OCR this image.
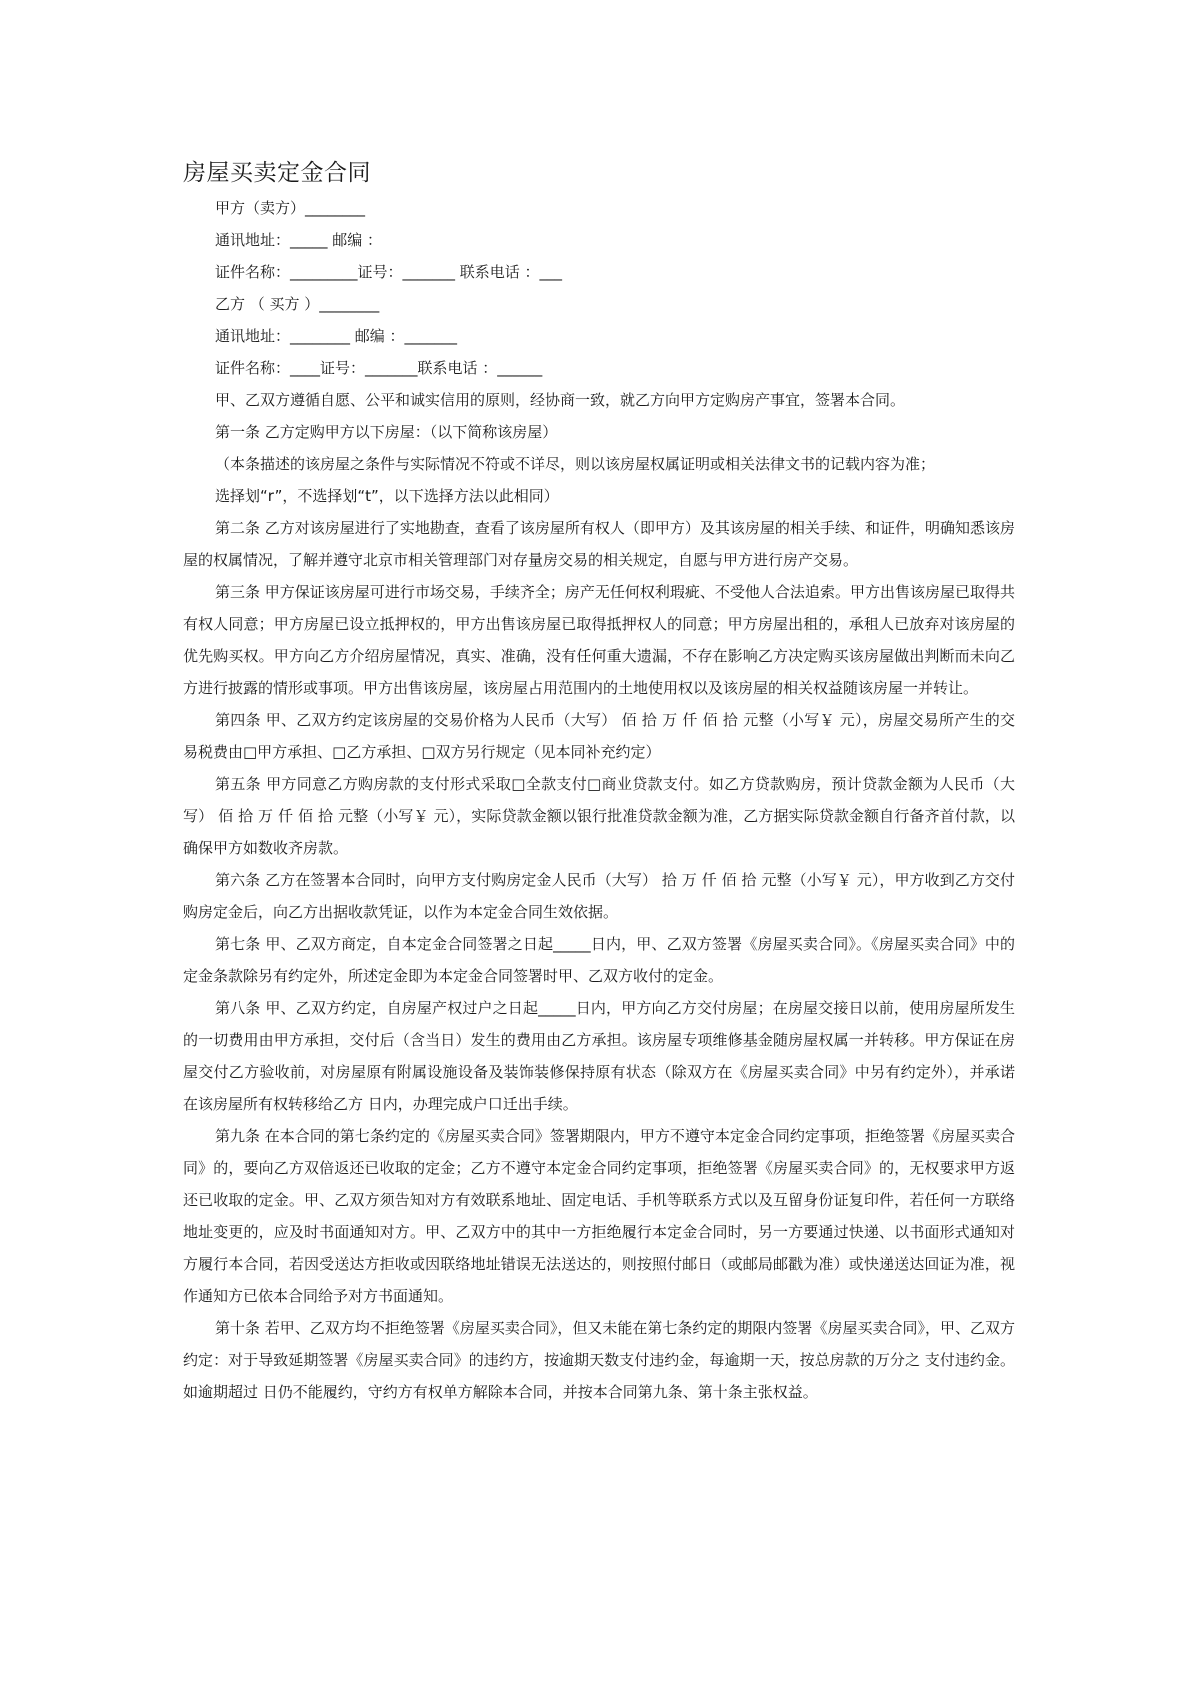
房屋买卖定金合同

甲方（卖方）________

通讯地址：_____ 邮编 ：

证件名称：_________证号：_______ 联系电话 ：___

乙方 （ 买方 ）________

通讯地址：________ 邮编 ：_______

证件名称：____证号：_______联系电话 ：______

甲、乙双方遵循自愿、公平和诚实信用的原则，经协商一致，就乙方向甲方定购房产事宜，签署本合同。

第一条 乙方定购甲方以下房屋：（以下简称该房屋）

（本条描述的该房屋之条件与实际情况不符或不详尽，则以该房屋权属证明或相关法律文书的记载内容为准；

选择划“r”，不选择划“t”，以下选择方法以此相同）

第二条 乙方对该房屋进行了实地勘查，查看了该房屋所有权人（即甲方）及其该房屋的相关手续、和证件，明确知悉该房屋的权属情况，了解并遵守北京市相关管理部门对存量房交易的相关规定，自愿与甲方进行房产交易。

第三条 甲方保证该房屋可进行市场交易，手续齐全；房产无任何权利瑕疵、不受他人合法追索。甲方出售该房屋已取得共有权人同意；甲方房屋已设立抵押权的，甲方出售该房屋已取得抵押权人的同意；甲方房屋出租的，承租人已放弃对该房屋的优先购买权。甲方向乙方介绍房屋情况，真实、准确，没有任何重大遗漏，不存在影响乙方决定购买该房屋做出判断而未向乙方进行披露的情形或事项。甲方出售该房屋，该房屋占用范围内的土地使用权以及该房屋的相关权益随该房屋一并转让。

第四条 甲、乙双方约定该房屋的交易价格为人民币（大写） 佰 拾 万 仟 佰 拾 元整（小写￥ 元），房屋交易所产生的交易税费由□甲方承担、□乙方承担、□双方另行规定（见本同补充约定）

第五条 甲方同意乙方购房款的支付形式采取□全款支付□商业贷款支付。如乙方贷款购房，预计贷款金额为人民币（大写） 佰 拾 万 仟 佰 拾 元整（小写￥ 元），实际贷款金额以银行批准贷款金额为准，乙方据实际贷款金额自行备齐首付款，以确保甲方如数收齐房款。

第六条 乙方在签署本合同时，向甲方支付购房定金人民币（大写） 拾 万 仟 佰 拾 元整（小写￥ 元），甲方收到乙方交付购房定金后，向乙方出据收款凭证，以作为本定金合同生效依据。

第七条 甲、乙双方商定，自本定金合同签署之日起_____日内，甲、乙双方签署《房屋买卖合同》。《房屋买卖合同》中的定金条款除另有约定外，所述定金即为本定金合同签署时甲、乙双方收付的定金。

第八条 甲、乙双方约定，自房屋产权过户之日起_____日内，甲方向乙方交付房屋；在房屋交接日以前，使用房屋所发生的一切费用由甲方承担，交付后（含当日）发生的费用由乙方承担。该房屋专项维修基金随房屋权属一并转移。甲方保证在房屋交付乙方验收前，对房屋原有附属设施设备及装饰装修保持原有状态（除双方在《房屋买卖合同》中另有约定外），并承诺在该房屋所有权转移给乙方 日内，办理完成户口迁出手续。

第九条 在本合同的第七条约定的《房屋买卖合同》签署期限内，甲方不遵守本定金合同约定事项，拒绝签署《房屋买卖合同》的，要向乙方双倍返还已收取的定金；乙方不遵守本定金合同约定事项，拒绝签署《房屋买卖合同》的，无权要求甲方返还已收取的定金。甲、乙双方须告知对方有效联系地址、固定电话、手机等联系方式以及互留身份证复印件，若任何一方联络地址变更的，应及时书面通知对方。甲、乙双方中的其中一方拒绝履行本定金合同时，另一方要通过快递、以书面形式通知对方履行本合同，若因受送达方拒收或因联络地址错误无法送达的，则按照付邮日（或邮局邮戳为准）或快递送达回证为准，视作通知方已依本合同给予对方书面通知。

第十条 若甲、乙双方均不拒绝签署《房屋买卖合同》，但又未能在第七条约定的期限内签署《房屋买卖合同》，甲、乙双方约定：对于导致延期签署《房屋买卖合同》的违约方，按逾期天数支付违约金，每逾期一天，按总房款的万分之 支付违约金。如逾期超过 日仍不能履约，守约方有权单方解除本合同，并按本合同第九条、第十条主张权益。
